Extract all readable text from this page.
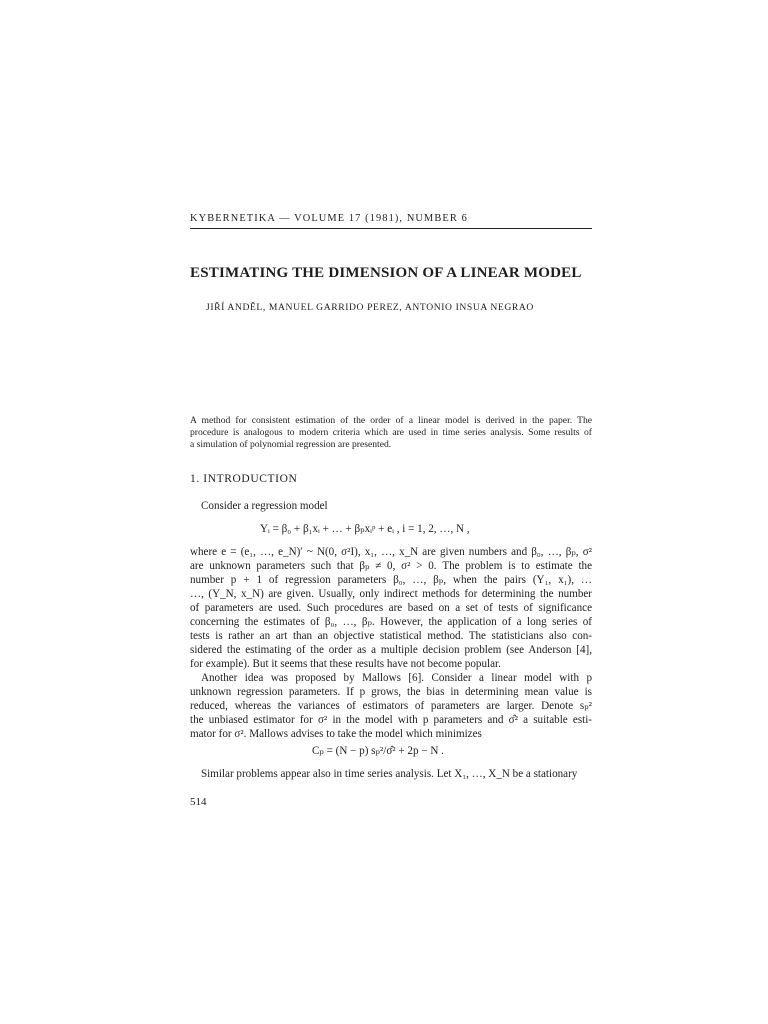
KYBERNETIKA — VOLUME 17 (1981), NUMBER 6
ESTIMATING THE DIMENSION OF A LINEAR MODEL
JIŘÍ ANDĚL, MANUEL GARRIDO PEREZ, ANTONIO INSUA NEGRAO
A method for consistent estimation of the order of a linear model is derived in the paper. The
procedure is analogous to modern criteria which are used in time series analysis. Some results of
a simulation of polynomial regression are presented.
1. INTRODUCTION
Consider a regression model
Yᵢ = β₀ + β₁xᵢ + … + βₚxᵢᵖ + eᵢ , i = 1, 2, …, N ,
where e = (e₁, …, e_N)′ ~ N(0, σ²I), x₁, …, x_N are given numbers and β₀, …, βₚ, σ²
are unknown parameters such that βₚ ≠ 0, σ² > 0. The problem is to estimate the
number p + 1 of regression parameters β₀, …, βₚ, when the pairs (Y₁, x₁), …
…, (Y_N, x_N) are given. Usually, only indirect methods for determining the number
of parameters are used. Such procedures are based on a set of tests of significance
concerning the estimates of β₀, …, βₚ. However, the application of a long series of
tests is rather an art than an objective statistical method. The statisticians also con-
sidered the estimating of the order as a multiple decision problem (see Anderson [4],
for example). But it seems that these results have not become popular.
Another idea was proposed by Mallows [6]. Consider a linear model with p
unknown regression parameters. If p grows, the bias in determining mean value is
reduced, whereas the variances of estimators of parameters are larger. Denote sₚ²
the unbiased estimator for σ² in the model with p parameters and σ̂² a suitable esti-
mator for σ². Mallows advises to take the model which minimizes
Cₚ = (N − p) sₚ²/σ̂² + 2p − N .
Similar problems appear also in time series analysis. Let X₁, …, X_N be a stationary
514
